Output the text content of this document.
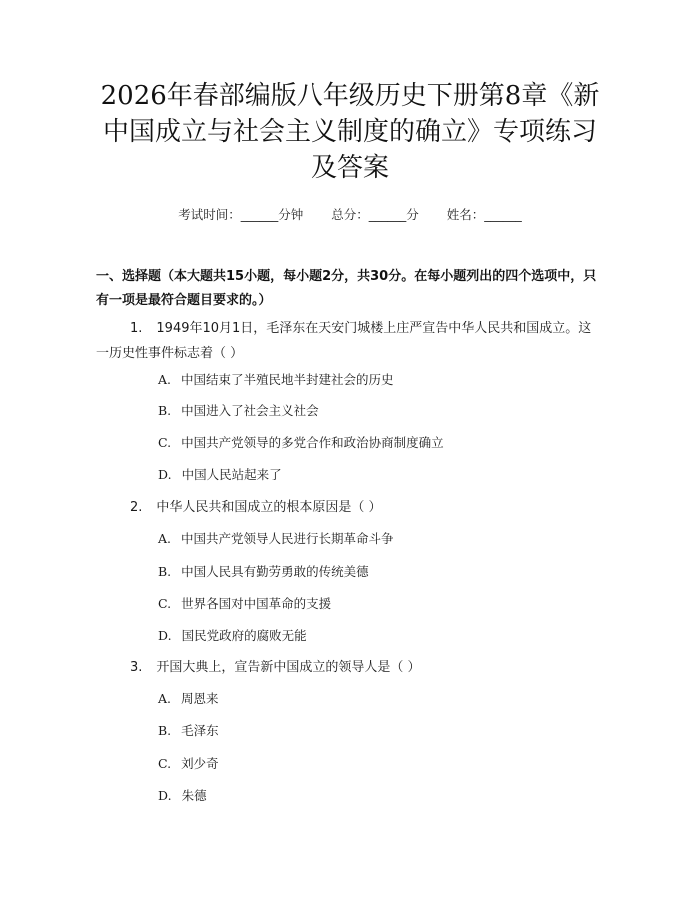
2026年春部编版八年级历史下册第8章《新中国成立与社会主义制度的确立》专项练习及答案
考试时间：______分钟 总分：______分 姓名：______
一、选择题（本大题共15小题，每小题2分，共30分。在每小题列出的四个选项中，只有一项是最符合题目要求的。）
1. 1949年10月1日，毛泽东在天安门城楼上庄严宣告中华人民共和国成立。这一历史性事件标志着（ ）
A. 中国结束了半殖民地半封建社会的历史
B. 中国进入了社会主义社会
C. 中国共产党领导的多党合作和政治协商制度确立
D. 中国人民站起来了
2. 中华人民共和国成立的根本原因是（ ）
A. 中国共产党领导人民进行长期革命斗争
B. 中国人民具有勤劳勇敢的传统美德
C. 世界各国对中国革命的支援
D. 国民党政府的腐败无能
3. 开国大典上，宣告新中国成立的领导人是（ ）
A. 周恩来
B. 毛泽东
C. 刘少奇
D. 朱德
